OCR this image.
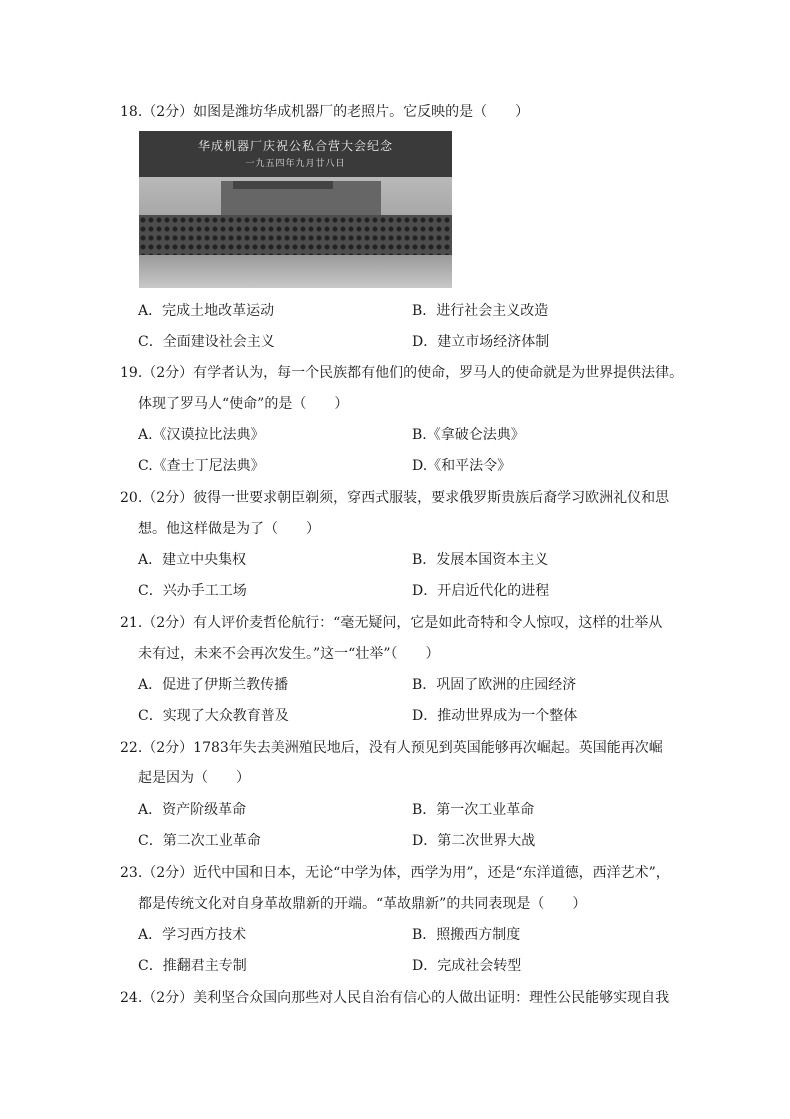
18.（2分）如图是潍坊华成机器厂的老照片。它反映的是（　　）
华成机器厂庆祝公私合营大会纪念
一九五四年九月廿八日
A．完成土地改革运动	B．进行社会主义改造
C．全面建设社会主义	D．建立市场经济体制
19.（2分）有学者认为，每一个民族都有他们的使命，罗马人的使命就是为世界提供法律。
体现了罗马人“使命”的是（　　）
A.《汉谟拉比法典》	B.《拿破仑法典》
C.《查士丁尼法典》	D.《和平法令》
20.（2分）彼得一世要求朝臣剃须，穿西式服装，要求俄罗斯贵族后裔学习欧洲礼仪和思
想。他这样做是为了（　　）
A．建立中央集权	B．发展本国资本主义
C．兴办手工工场	D．开启近代化的进程
21.（2分）有人评价麦哲伦航行：“毫无疑问，它是如此奇特和令人惊叹，这样的壮举从
未有过，未来不会再次发生。”这一“壮举”（　　）
A．促进了伊斯兰教传播	B．巩固了欧洲的庄园经济
C．实现了大众教育普及	D．推动世界成为一个整体
22.（2分）1783年失去美洲殖民地后，没有人预见到英国能够再次崛起。英国能再次崛
起是因为（　　）
A．资产阶级革命	B．第一次工业革命
C．第二次工业革命	D．第二次世界大战
23.（2分）近代中国和日本，无论“中学为体，西学为用”，还是“东洋道德，西洋艺术”，
都是传统文化对自身革故鼎新的开端。“革故鼎新”的共同表现是（　　）
A．学习西方技术	B．照搬西方制度
C．推翻君主专制	D．完成社会转型
24.（2分）美利坚合众国向那些对人民自治有信心的人做出证明：理性公民能够实现自我
